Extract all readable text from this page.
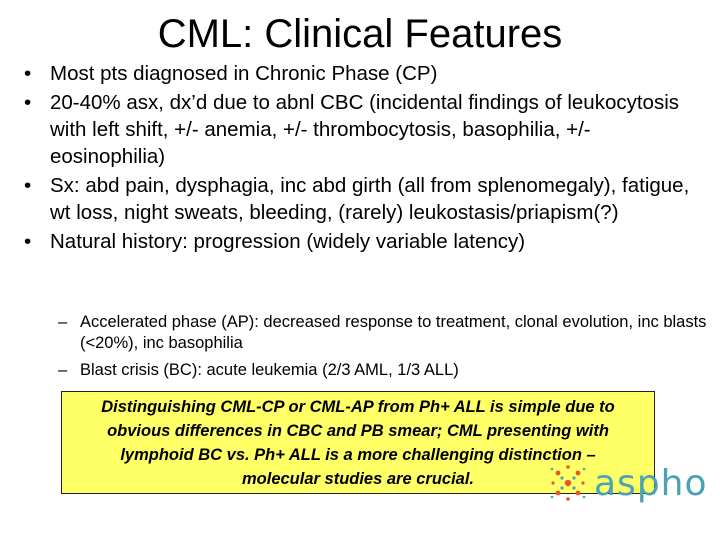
CML: Clinical Features
• Most pts diagnosed in Chronic Phase (CP)
• 20-40% asx, dx’d due to abnl CBC (incidental findings of leukocytosis with left shift, +/- anemia, +/- thrombocytosis, basophilia, +/- eosinophilia)
• Sx: abd pain, dysphagia, inc abd girth (all from splenomegaly), fatigue, wt loss, night sweats, bleeding, (rarely) leukostasis/priapism(?)
• Natural history: progression (widely variable latency)
– Accelerated phase (AP): decreased response to treatment, clonal evolution, inc blasts (<20%), inc basophilia
– Blast crisis (BC): acute leukemia (2/3 AML, 1/3 ALL)
Distinguishing CML-CP or CML-AP from Ph+ ALL is simple due to obvious differences in CBC and PB smear; CML presenting with lymphoid BC vs. Ph+ ALL is a more challenging distinction – molecular studies are crucial.	aspho
